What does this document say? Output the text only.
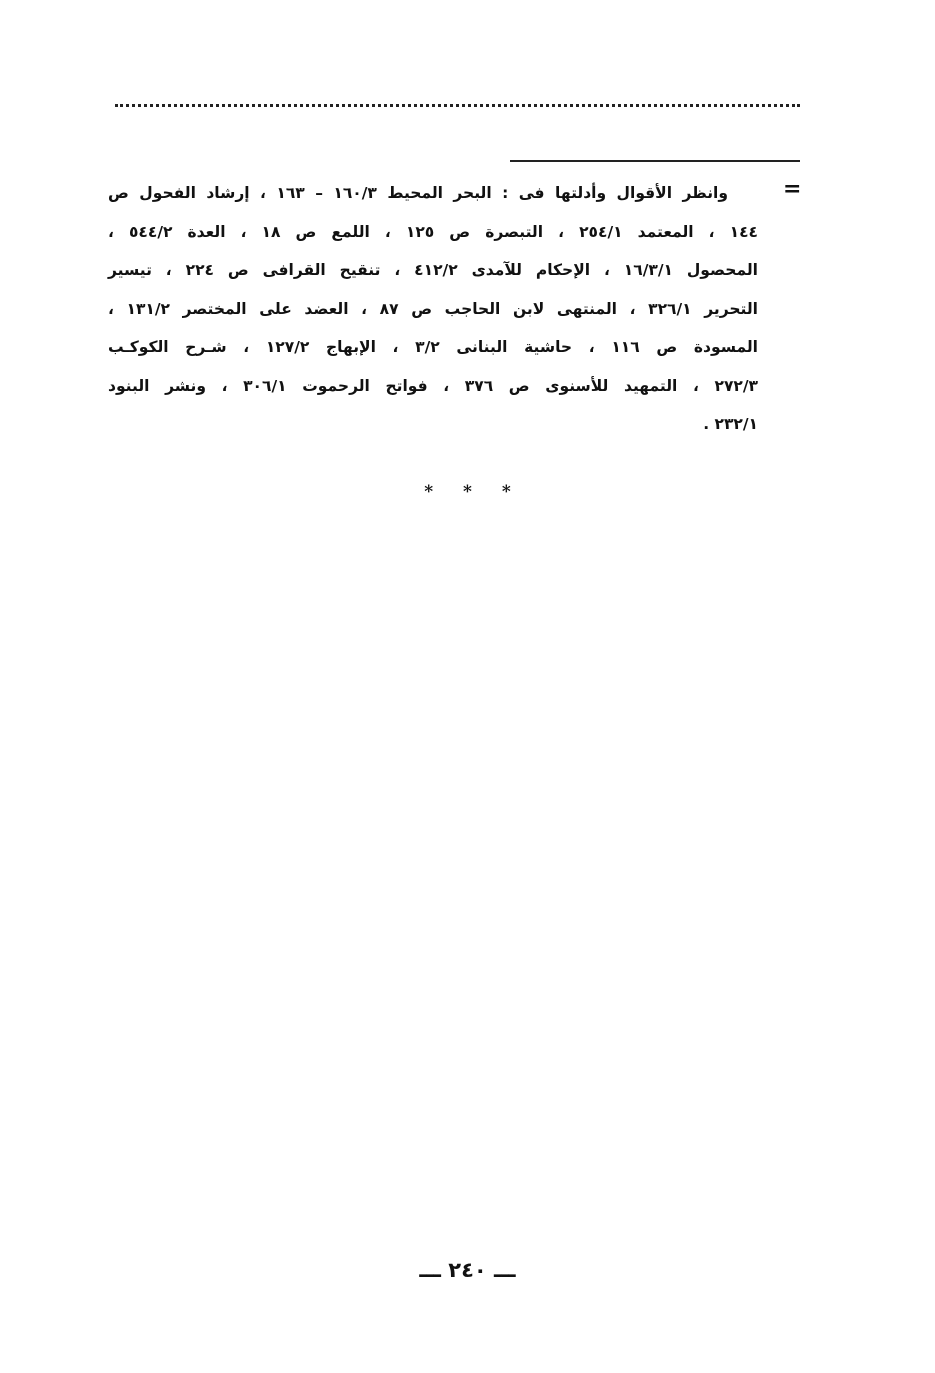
=
وانظر الأقوال وأدلتها فى : البحر المحيط ١٦٠/٣ – ١٦٣ ، إرشاد الفحول ص
١٤٤ ، المعتمد ٢٥٤/١ ، التبصرة ص ١٢٥ ، اللمع ص ١٨ ، العدة ٥٤٤/٢ ،
المحصول ١٦/٣/١ ، الإحكام للآمدى ٤١٢/٢ ، تنقيح القرافى ص ٢٢٤ ، تيسير
التحرير ٣٢٦/١ ، المنتهى لابن الحاجب ص ٨٧ ، العضد على المختصر ١٣١/٢ ،
المسودة ص ١١٦ ، حاشية البنانى ٣/٢ ، الإبهاج ١٢٧/٢ ، شـرح الكوكـب
٢٧٢/٣ ، التمهيد للأسنوى ص ٣٧٦ ، فواتح الرحموت ٣٠٦/١ ، ونشر البنود
٢٣٢/١ .
* * *
ـــ ٢٤٠ ـــ
